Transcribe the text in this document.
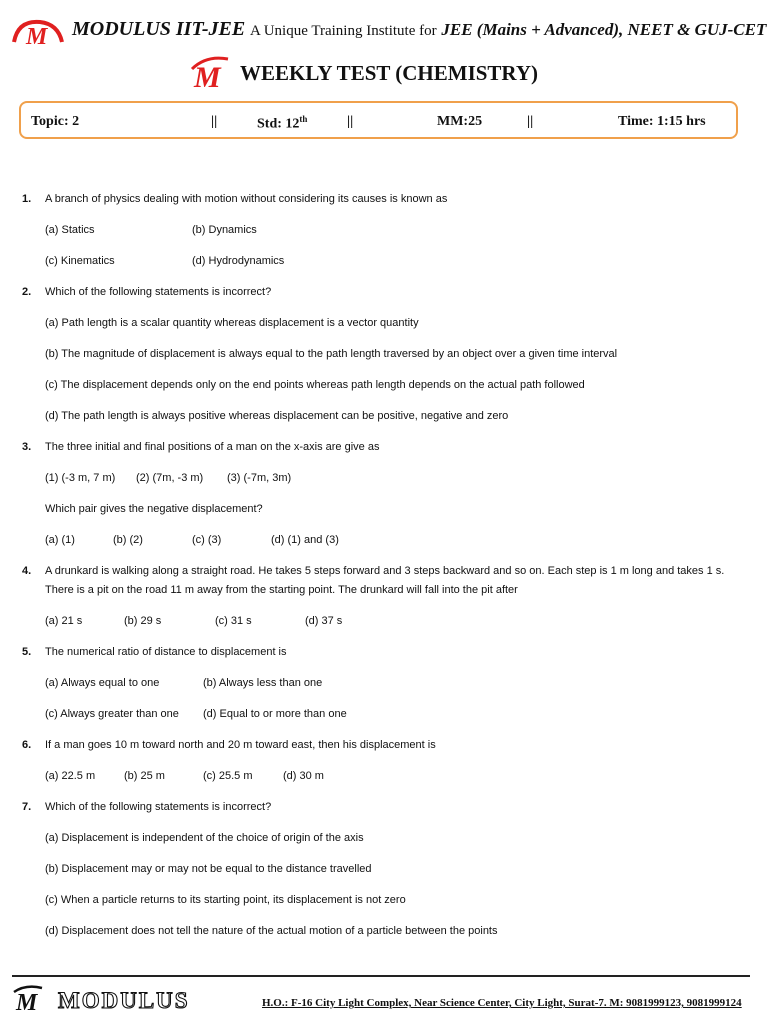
M MODULUS IIT-JEE A Unique Training Institute for JEE (Mains + Advanced), NEET & GUJ-CET
M WEEKLY TEST (CHEMISTRY)
Topic: 2	||	Std: 12th	||	MM:25	||	Time: 1:15 hrs
1. A branch of physics dealing with motion without considering its causes is known as
(a) Statics	(b) Dynamics
(c) Kinematics	(d) Hydrodynamics
2. Which of the following statements is incorrect?
(a) Path length is a scalar quantity whereas displacement is a vector quantity
(b) The magnitude of displacement is always equal to the path length traversed by an object over a given time interval
(c) The displacement depends only on the end points whereas path length depends on the actual path followed
(d) The path length is always positive whereas displacement can be positive, negative and zero
3. The three initial and final positions of a man on the x-axis are give as
(1) (-3 m, 7 m) (2) (7m, -3 m) (3) (-7m, 3m)
Which pair gives the negative displacement?
(a) (1)	(b) (2)	(c) (3)	(d) (1) and (3)
4. A drunkard is walking along a straight road. He takes 5 steps forward and 3 steps backward and so on. Each step is 1 m long and takes 1 s.
There is a pit on the road 11 m away from the starting point. The drunkard will fall into the pit after
(a) 21 s	(b) 29 s	(c) 31 s	(d) 37 s
5. The numerical ratio of distance to displacement is
(a) Always equal to one	(b) Always less than one
(c) Always greater than one (d) Equal to or more than one
6. If a man goes 10 m toward north and 20 m toward east, then his displacement is
(a) 22.5 m	(b) 25 m	(c) 25.5 m	(d) 30 m
7. Which of the following statements is incorrect?
(a) Displacement is independent of the choice of origin of the axis
(b) Displacement may or may not be equal to the distance travelled
(c) When a particle returns to its starting point, its displacement is not zero
(d) Displacement does not tell the nature of the actual motion of a particle between the points
M MODULUS	H.O.: F-16 City Light Complex, Near Science Center, City Light, Surat-7. M: 9081999123, 9081999124
